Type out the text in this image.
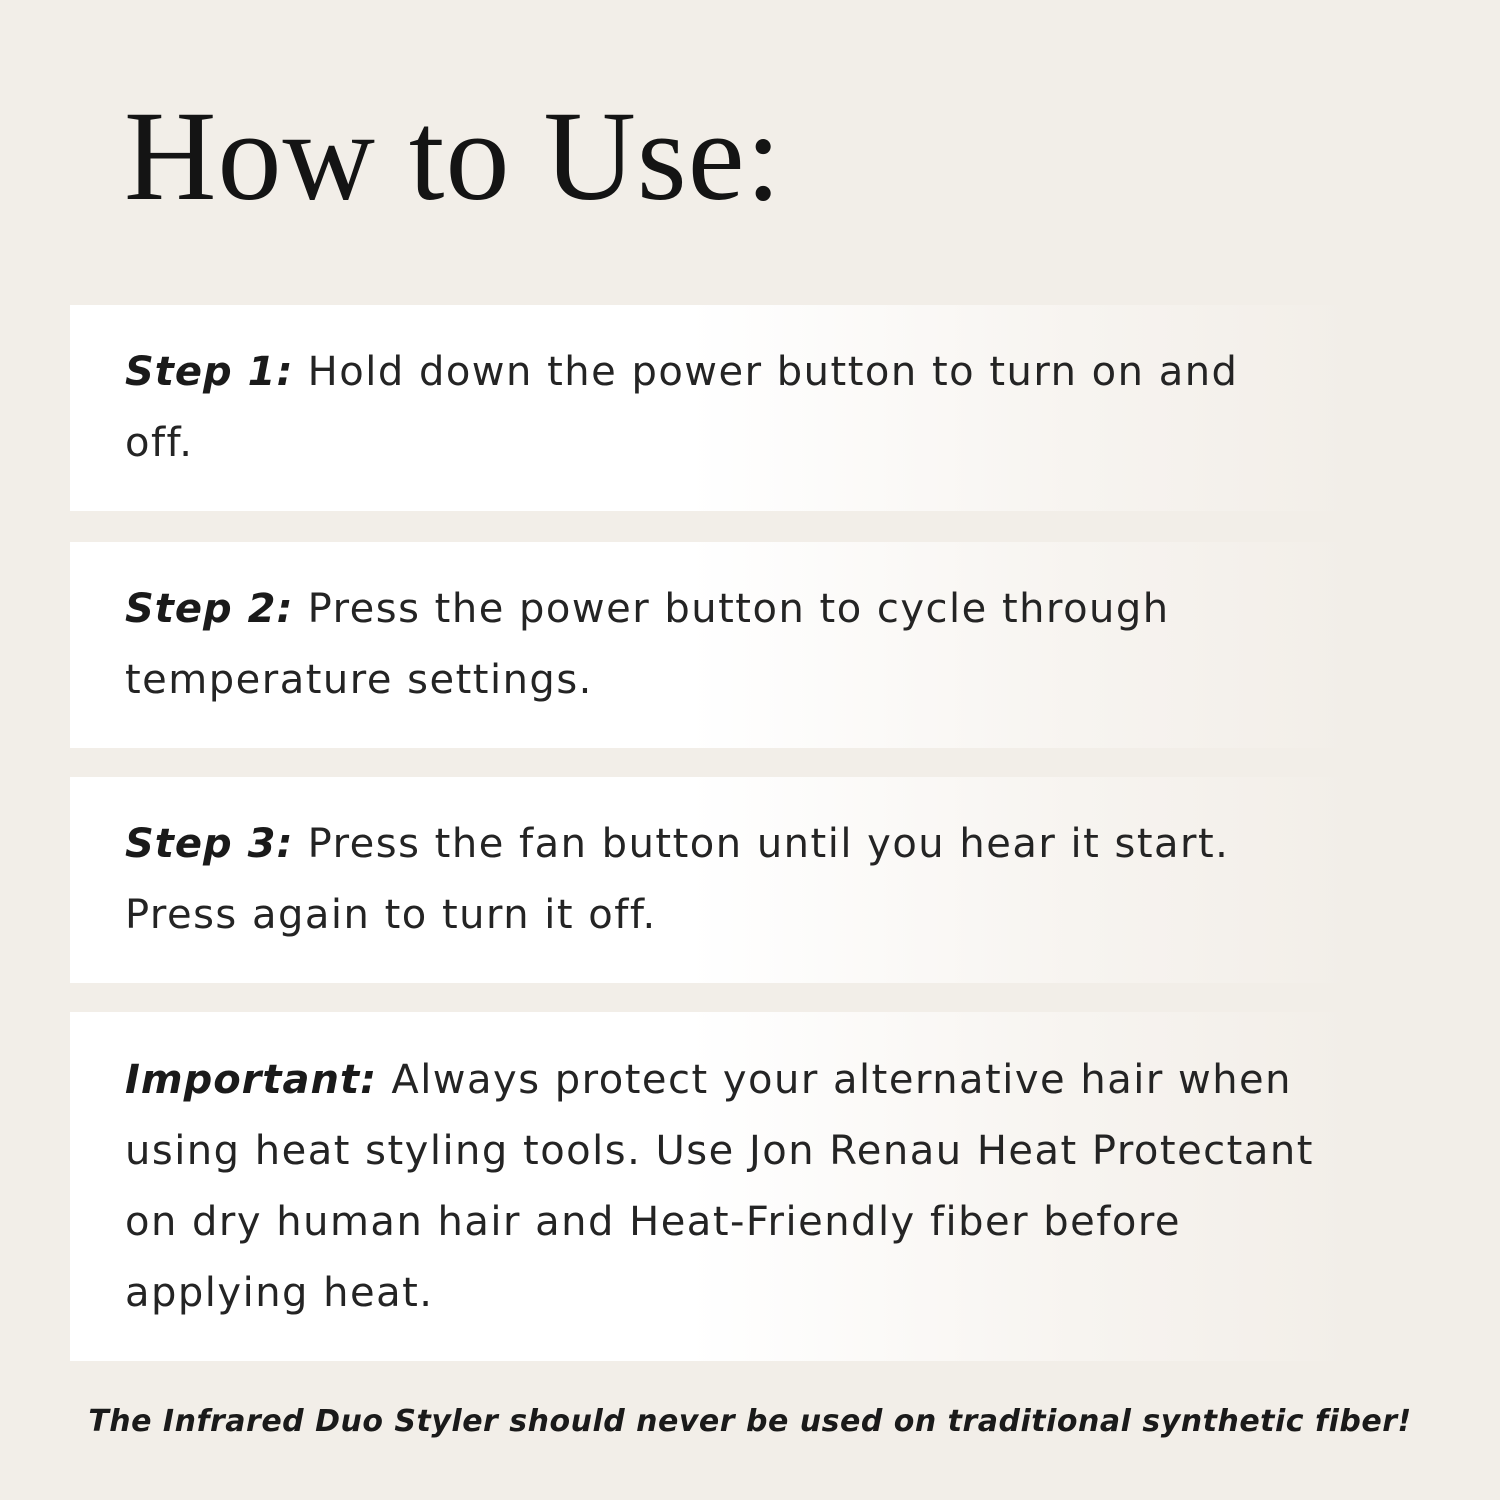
How to Use:

Step 1: Hold down the power button to turn on and off.

Step 2: Press the power button to cycle through temperature settings.

Step 3: Press the fan button until you hear it start. Press again to turn it off.

Important: Always protect your alternative hair when using heat styling tools. Use Jon Renau Heat Protectant on dry human hair and Heat-Friendly fiber before applying heat.

The Infrared Duo Styler should never be used on traditional synthetic fiber!
